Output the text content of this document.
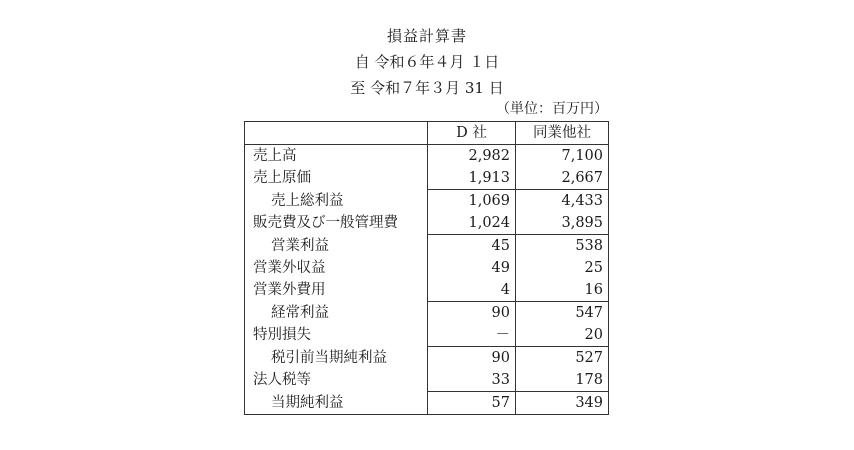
損益計算書
自 令和６年４月 １日
至 令和７年３月 31 日
（単位：百万円）
	D 社	同業他社
売上高	2,982	7,100
売上原価	1,913	2,667
売上総利益	1,069	4,433
販売費及び一般管理費	1,024	3,895
営業利益	45	538
営業外収益	49	25
営業外費用	4	16
経常利益	90	547
特別損失	－	20
税引前当期純利益	90	527
法人税等	33	178
当期純利益	57	349
